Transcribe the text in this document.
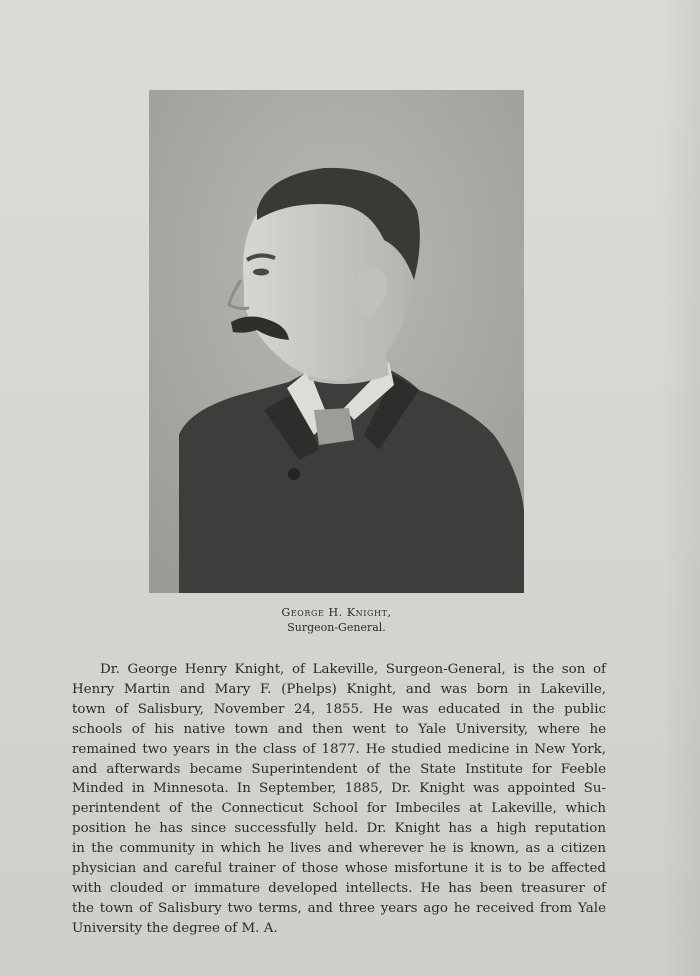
George H. Knight,
Surgeon-General.
Dr. George Henry Knight, of Lakeville, Surgeon-General, is the son of
Henry Martin and Mary F. (Phelps) Knight, and was born in Lakeville,
town of Salisbury, November 24, 1855. He was educated in the public
schools of his native town and then went to Yale University, where he
remained two years in the class of 1877. He studied medicine in New York,
and afterwards became Superintendent of the State Institute for Feeble
Minded in Minnesota. In September, 1885, Dr. Knight was appointed Su-
perintendent of the Connecticut School for Imbeciles at Lakeville, which
position he has since successfully held. Dr. Knight has a high reputation
in the community in which he lives and wherever he is known, as a citizen
physician and careful trainer of those whose misfortune it is to be affected
with clouded or immature developed intellects. He has been treasurer of
the town of Salisbury two terms, and three years ago he received from Yale
University the degree of M. A.
